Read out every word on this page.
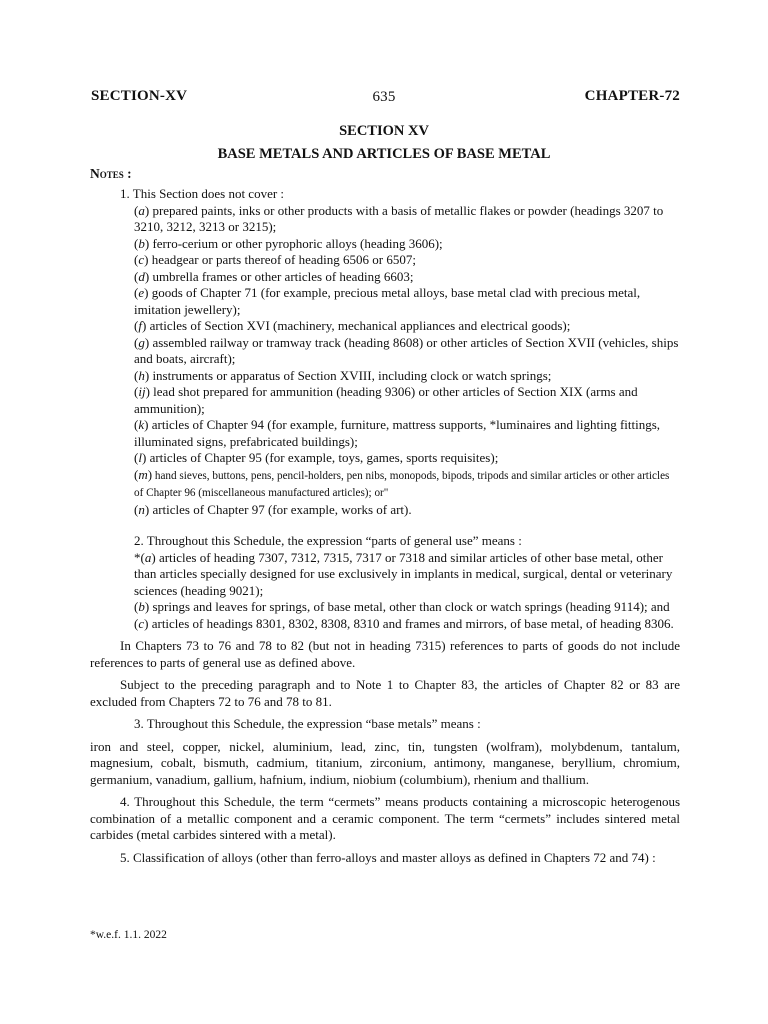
SECTION-XV	635	CHAPTER-72
SECTION XV
BASE METALS AND ARTICLES OF BASE METAL
Notes :

1. This Section does not cover :

(a) prepared paints, inks or other products with a basis of metallic flakes or powder (headings 3207 to 3210, 3212, 3213 or 3215);

(b) ferro-cerium or other pyrophoric alloys (heading 3606);

(c) headgear or parts thereof of heading 6506 or 6507;

(d) umbrella frames or other articles of heading 6603;

(e) goods of Chapter 71 (for example, precious metal alloys, base metal clad with precious metal, imitation jewellery);

(f) articles of Section XVI (machinery, mechanical appliances and electrical goods);

(g) assembled railway or tramway track (heading 8608) or other articles of Section XVII (vehicles, ships and boats, aircraft);

(h) instruments or apparatus of Section XVIII, including clock or watch springs;

(ij) lead shot prepared for ammunition (heading 9306) or other articles of Section XIX (arms and ammunition);

(k) articles of Chapter 94 (for example, furniture, mattress supports, *luminaires and lighting fittings, illuminated signs, prefabricated buildings);

(l) articles of Chapter 95 (for example, toys, games, sports requisites);

(m) hand sieves, buttons, pens, pencil-holders, pen nibs, monopods, bipods, tripods and similar articles or other articles of Chapter 96 (miscellaneous manufactured articles); or"

(n) articles of Chapter 97 (for example, works of art).

2. Throughout this Schedule, the expression “parts of general use” means :

*(a) articles of heading 7307, 7312, 7315, 7317 or 7318 and similar articles of other base metal, other than articles specially designed for use exclusively in implants in medical, surgical, dental or veterinary sciences (heading 9021);

(b) springs and leaves for springs, of base metal, other than clock or watch springs (heading 9114); and

(c) articles of headings 8301, 8302, 8308, 8310 and frames and mirrors, of base metal, of heading 8306.

In Chapters 73 to 76 and 78 to 82 (but not in heading 7315) references to parts of goods do not include references to parts of general use as defined above.

Subject to the preceding paragraph and to Note 1 to Chapter 83, the articles of Chapter 82 or 83 are excluded from Chapters 72 to 76 and 78 to 81.

3. Throughout this Schedule, the expression “base metals” means :

iron and steel, copper, nickel, aluminium, lead, zinc, tin, tungsten (wolfram), molybdenum, tantalum, magnesium, cobalt, bismuth, cadmium, titanium, zirconium, antimony, manganese, beryllium, chromium, germanium, vanadium, gallium, hafnium, indium, niobium (columbium), rhenium and thallium.

4. Throughout this Schedule, the term “cermets” means products containing a microscopic heterogenous combination of a metallic component and a ceramic component. The term “cermets” includes sintered metal carbides (metal carbides sintered with a metal).

5. Classification of alloys (other than ferro-alloys and master alloys as defined in Chapters 72 and 74) :

*w.e.f. 1.1. 2022
